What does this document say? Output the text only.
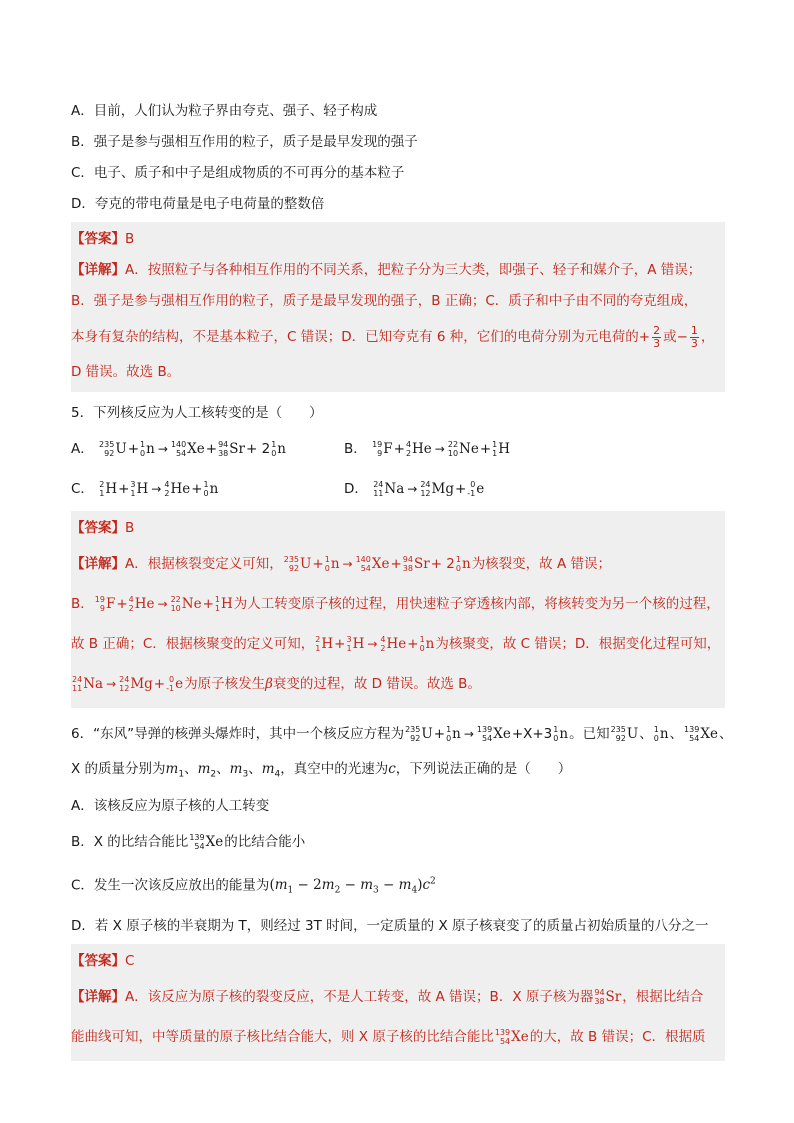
A．目前，人们认为粒子界由夸克、强子、轻子构成
B．强子是参与强相互作用的粒子，质子是最早发现的强子
C．电子、质子和中子是组成物质的不可再分的基本粒子
D．夸克的带电荷量是电子电荷量的整数倍
【答案】B
【详解】A．按照粒子与各种相互作用的不同关系，把粒子分为三大类，即强子、轻子和媒介子，A 错误；
B．强子是参与强相互作用的粒子，质子是最早发现的强子，B 正确；C．质子和中子由不同的夸克组成，
本身有复杂的结构，不是基本粒子，C 错误；D．已知夸克有 6 种，它们的电荷分别为元电荷的+ $\frac{2}{3}$ 或− $\frac{1}{3}$ ，
D 错误。故选 B。
5．下列核反应为人工核转变的是（　　）
A． 235
92 U + 1
0 n → 140
54 Xe + 94
38 Sr + 2 1
0 n	B． 19
9 F + 4
2 He → 22
10 Ne + 1
1 H
C． 2
1 H + 3
1 H → 4
2 He + 1
0 n	D． 24
11 Na → 24
12 Mg + 0
-1 e
【答案】B
【详解】A．根据核裂变定义可知， 235
92 U + 1
0 n → 140
54 Xe + 94
38 Sr + 2 1
0 n 为核裂变，故 A 错误；
B． 19
9 F + 4
2 He → 22
10 Ne + 1
1 H 为人工转变原子核的过程，用快速粒子穿透核内部，将核转变为另一个核的过程，
故 B 正确；C．根据核聚变的定义可知， 2
1 H + 3
1 H → 4
2 He + 1
0 n 为核聚变，故 C 错误；D．根据变化过程可知，
24
11 Na → 24
12 Mg + 0
-1 e 为原子核发生β衰变的过程，故 D 错误。故选 B。
6．“东风”导弹的核弹头爆炸时，其中一个核反应方程为 235
92 U + 1
0 n → 139
54 Xe +X+3 1
0 n 。已知 235
92 U 、 1
0 n 、 139
54 Xe 、
X 的质量分别为$m_1$、$m_2$、$m_3$、$m_4$，真空中的光速为c，下列说法正确的是（　　）
A．该核反应为原子核的人工转变
B．X 的比结合能比 139
54 Xe 的比结合能小
C．发生一次该反应放出的能量为$(m_1 - 2m_2 - m_3 - m_4)c^2$
D．若 X 原子核的半衰期为 T，则经过 3T 时间，一定质量的 X 原子核衰变了的质量占初始质量的八分之一
【答案】C
【详解】A．该反应为原子核的裂变反应，不是人工转变，故 A 错误；B．X 原子核为器 94
38 Sr ，根据比结合
能曲线可知，中等质量的原子核比结合能大，则 X 原子核的比结合能比 139
54 Xe 的大，故 B 错误；C．根据质
